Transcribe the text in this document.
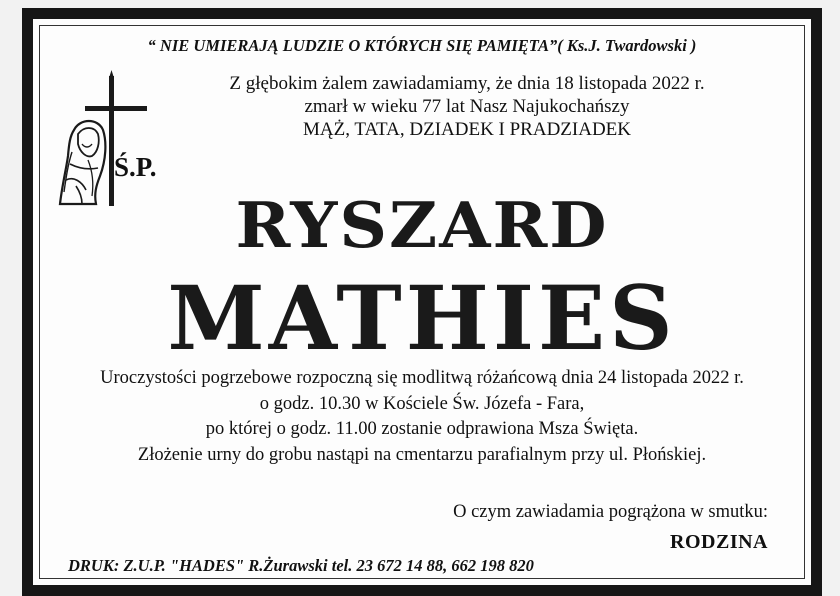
“ NIE UMIERAJĄ LUDZIE O KTÓRYCH SIĘ PAMIĘTA”( Ks.J. Twardowski )
Ś.P.
Z głębokim żalem zawiadamiamy, że dnia 18 listopada 2022 r.
zmarł w wieku 77 lat Nasz Najukochańszy
MĄŻ, TATA, DZIADEK I PRADZIADEK
RYSZARD
MATHIES
Uroczystości pogrzebowe rozpoczną się modlitwą różańcową dnia 24 listopada 2022 r.
o godz. 10.30 w Kościele Św. Józefa - Fara,
po której o godz. 11.00 zostanie odprawiona Msza Święta.
Złożenie urny do grobu nastąpi na cmentarzu parafialnym przy ul. Płońskiej.
O czym zawiadamia pogrążona w smutku:
RODZINA
DRUK: Z.U.P. "HADES" R.Żurawski tel. 23 672 14 88, 662 198 820
